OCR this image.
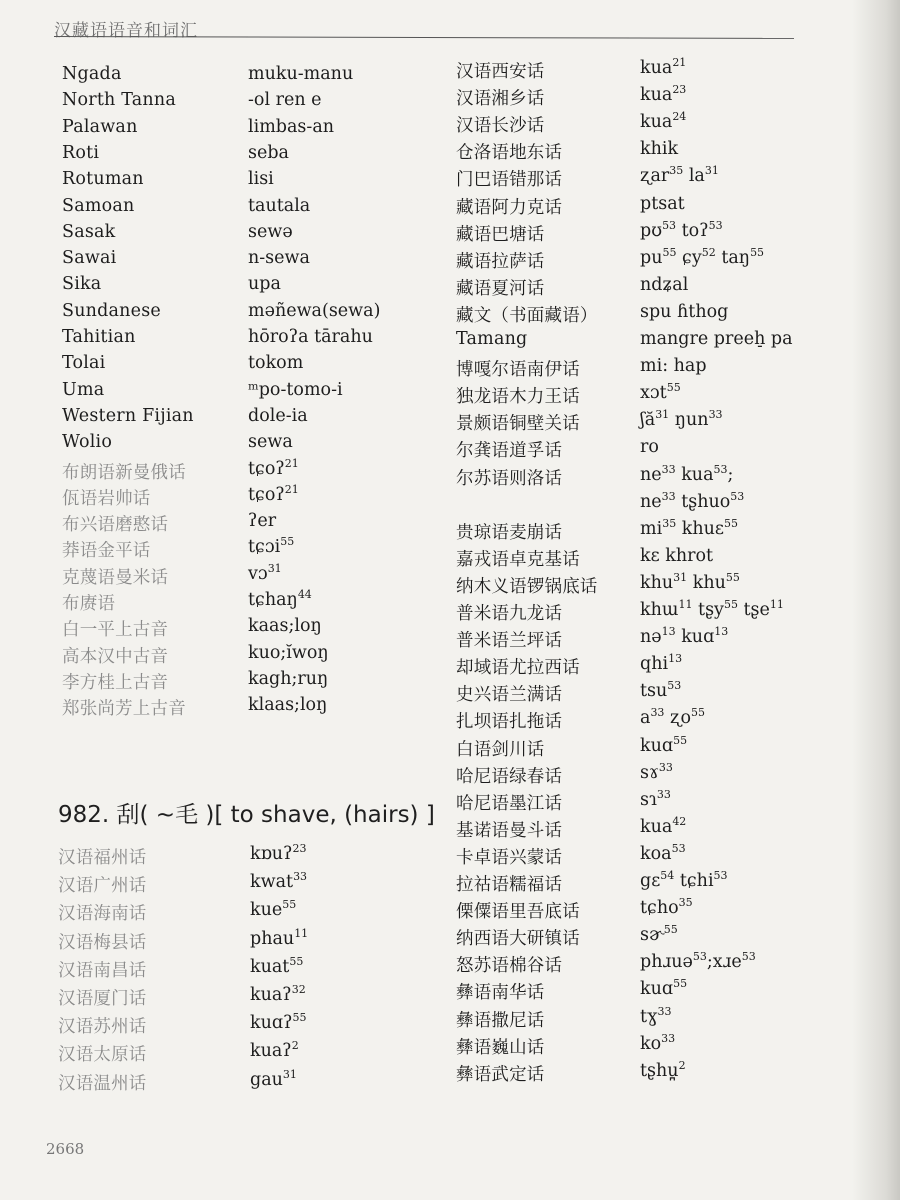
汉藏语语音和词汇
Ngada	muku-manu
North Tanna	-ol ren e
Palawan	limbas-an
Roti	seba
Rotuman	lisi
Samoan	tautala
Sasak	sewə
Sawai	n-sewa
Sika	upa
Sundanese	məñewa(sewa)
Tahitian	hōroʔa tārahu
Tolai	tokom
Uma	ᵐpo-tomo-i
Western Fijian	dole-ia
Wolio	sewa
布朗语新曼俄话	tɕoʔ$^{21}$
佤语岩帅话	tɕoʔ$^{21}$
布兴语磨憨话	ʔer
莽语金平话	tɕɔi$^{55}$
克蔑语曼米话	vɔ$^{31}$
布赓语	tɕhaŋ$^{44}$
白一平上古音	kaas;loŋ
高本汉中古音	kuo;ĭwoŋ
李方桂上古音	kagh;ruŋ
郑张尚芳上古音	klaas;loŋ
982. 刮( ~毛 )[ to shave, (hairs) ]
汉语福州话	kɒuʔ$^{23}$
汉语广州话	kwat$^{33}$
汉语海南话	kue$^{55}$
汉语梅县话	phau$^{11}$
汉语南昌话	kuat$^{55}$
汉语厦门话	kuaʔ$^{32}$
汉语苏州话	kuɑʔ$^{55}$
汉语太原话	kuaʔ$^2$
汉语温州话	gau$^{31}$
汉语西安话	kua$^{21}$
汉语湘乡话	kua$^{23}$
汉语长沙话	kua$^{24}$
仓洛语地东话	khik
门巴语错那话	ʐar$^{35}$ $la^{31}$
藏语阿力克话	ptsat
藏语巴塘话	pʊ$^{53}$ toʔ$^{53}$
藏语拉萨话	$pu^{55}$ ɕy$^{52}$ taŋ$^{55}$
藏语夏河话	ndʑal
藏文（书面藏语） spu ɦthog
Tamang	mangre preeh̠ pa
博嘎尔语南伊话	mi: hap
独龙语木力王话	xɔt$^{55}$
景颇语铜壁关话	ʃă$^{31}$ ŋun$^{33}$
尔龚语道孚话	ro
尔苏语则洛话	$ne^{33}$ kua$^{53}$;
$ne^{33}$ tʂhuo$^{53}$
贵琼语麦崩话	$mi^{35}$ khuɛ$^{55}$
嘉戎语卓克基话	kɛ khrot
纳木义语锣锅底话 khu$^{31}$ khu$^{55}$
普米语九龙话	khɯ$^{11}$ tʂy$^{55}$ tʂe$^{11}$
普米语兰坪话	nə$^{13}$ kuɑ$^{13}$
却域语尤拉西话	qhi$^{13}$
史兴语兰满话	tsu$^{53}$
扎坝语扎拖话	$a^{33}$ ʐo$^{55}$
白语剑川话	kuɑ$^{55}$
哈尼语绿春话	sɤ$^{33}$
哈尼语墨江话	sɿ$^{33}$
基诺语曼斗话	kua$^{42}$
卡卓语兴蒙话	koa$^{53}$
拉祜语糯福话	gɛ$^{54}$ tɕhi$^{53}$
傈僳语里吾底话	tɕho$^{35}$
纳西语大研镇话	sɚ$^{55}$
怒苏语棉谷话	phɹuə$^{53}$;xɹe$^{53}$
彝语南华话	kuɑ$^{55}$
彝语撒尼话	tɣ$^{33}$
彝语巍山话	$ko^{33}$
彝语武定话	tʂhu̪$^2$
2668
